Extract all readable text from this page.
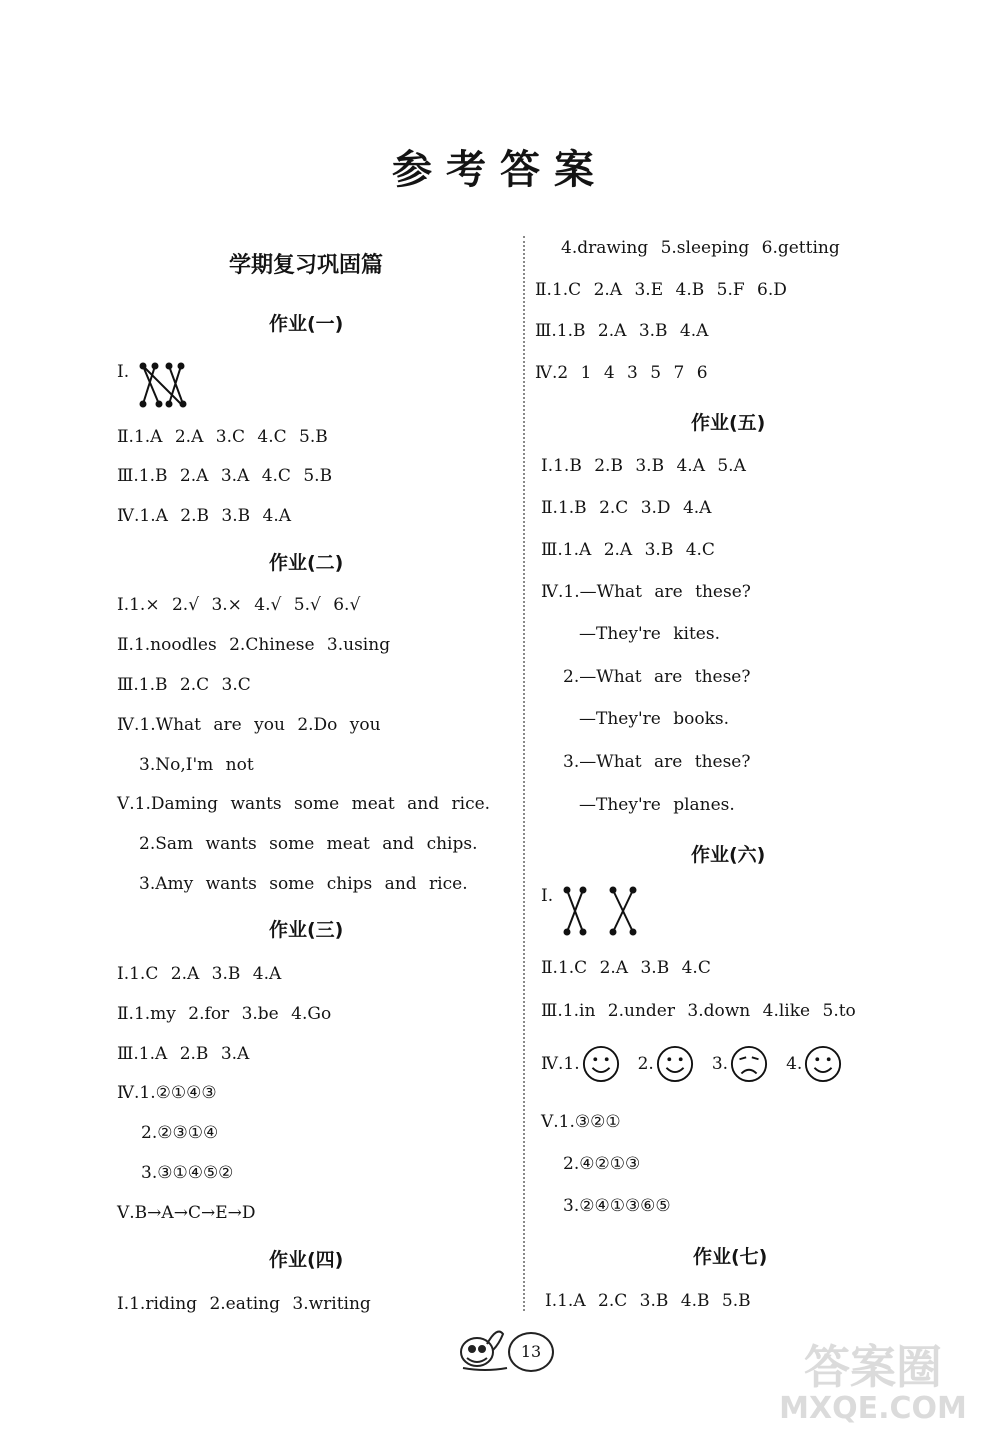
参考答案
学期复习巩固篇
作业(一)
Ⅰ.
Ⅱ.1.A 2.A 3.C 4.C 5.B
Ⅲ.1.B 2.A 3.A 4.C 5.B
Ⅳ.1.A 2.B 3.B 4.A
作业(二)
Ⅰ.1.× 2.√ 3.× 4.√ 5.√ 6.√
Ⅱ.1.noodles 2.Chinese 3.using
Ⅲ.1.B 2.C 3.C
Ⅳ.1.What are you 2.Do you
3.No,I'm not
Ⅴ.1.Daming wants some meat and rice.
2.Sam wants some meat and chips.
3.Amy wants some chips and rice.
作业(三)
Ⅰ.1.C 2.A 3.B 4.A
Ⅱ.1.my 2.for 3.be 4.Go
Ⅲ.1.A 2.B 3.A
Ⅳ.1.②①④③
2.②③①④
3.③①④⑤②
Ⅴ.B→A→C→E→D
作业(四)
Ⅰ.1.riding 2.eating 3.writing
4.drawing 5.sleeping 6.getting
Ⅱ.1.C 2.A 3.E 4.B 5.F 6.D
Ⅲ.1.B 2.A 3.B 4.A
Ⅳ.2 1 4 3 5 7 6
作业(五)
Ⅰ.1.B 2.B 3.B 4.A 5.A
Ⅱ.1.B 2.C 3.D 4.A
Ⅲ.1.A 2.A 3.B 4.C
Ⅳ.1.—What are these?
—They're kites.
2.—What are these?
—They're books.
3.—What are these?
—They're planes.
作业(六)
Ⅰ.
Ⅱ.1.C 2.A 3.B 4.C
Ⅲ.1.in 2.under 3.down 4.like 5.to
Ⅳ.1.	2.	3.	4.
Ⅴ.1.③②①
2.④②①③
3.②④①③⑥⑤
作业(七)
Ⅰ.1.A 2.C 3.B 4.B 5.B
13	答案圈
MXQE.COM
